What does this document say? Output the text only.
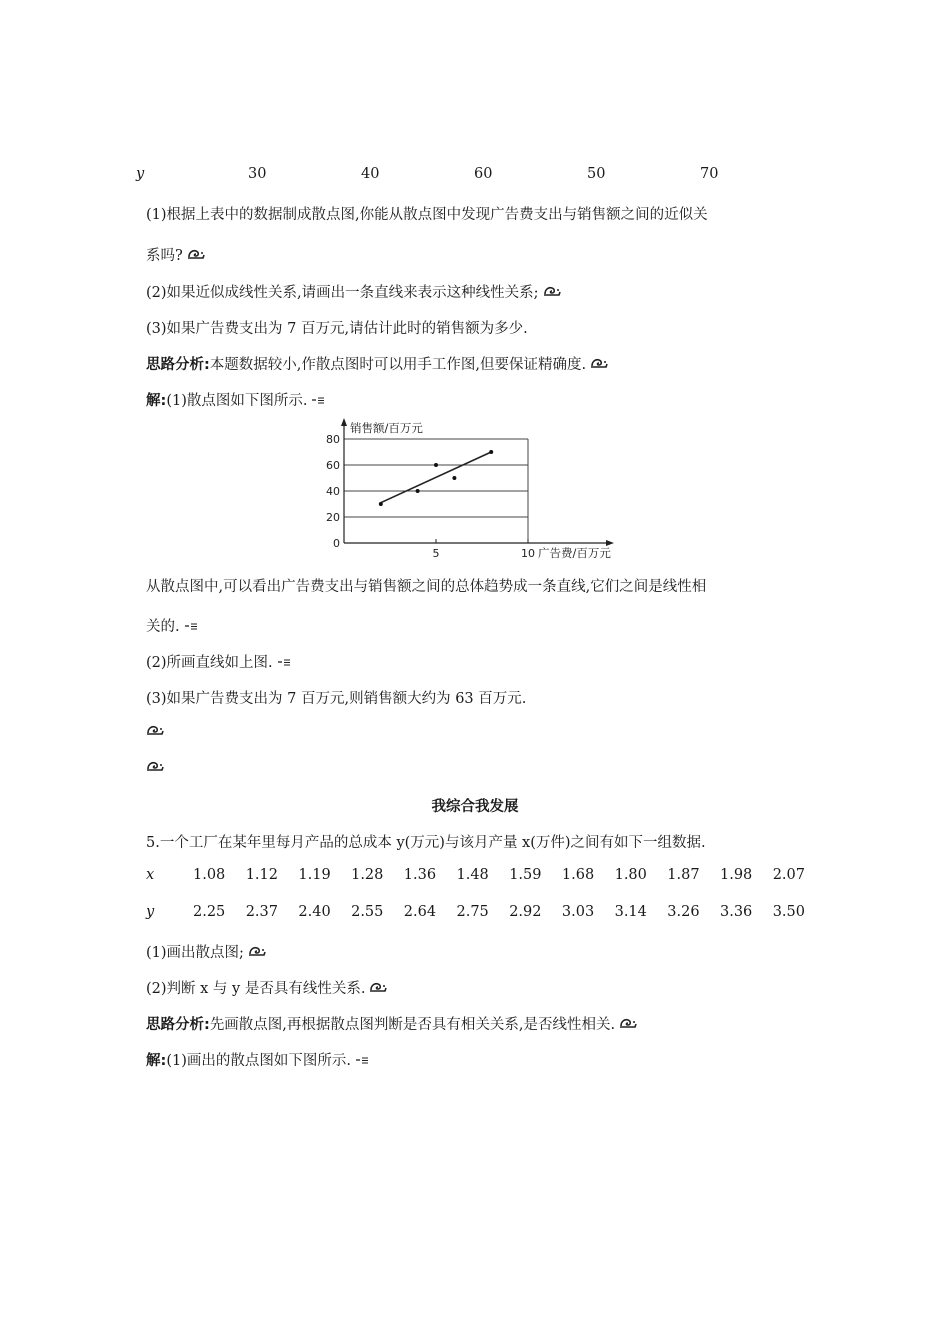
y	30	40	60	50	70
(1)根据上表中的数据制成散点图,你能从散点图中发现广告费支出与销售额之间的近似关
系吗?
(2)如果近似成线性关系,请画出一条直线来表示这种线性关系;
(3)如果广告费支出为 7 百万元,请估计此时的销售额为多少.
思路分析:本题数据较小,作散点图时可以用手工作图,但要保证精确度.
解:(1)散点图如下图所示.
0
20
40
60
80
5	10
销售额/百万元
广告费/百万元
从散点图中,可以看出广告费支出与销售额之间的总体趋势成一条直线,它们之间是线性相
关的.
(2)所画直线如上图.
(3)如果广告费支出为 7 百万元,则销售额大约为 63 百万元.
我综合我发展
5.一个工厂在某年里每月产品的总成本 y(万元)与该月产量 x(万件)之间有如下一组数据.
x	1.08 1.12 1.19 1.28 1.36 1.48 1.59 1.68 1.80 1.87 1.98 2.07
y	2.25 2.37 2.40 2.55 2.64 2.75 2.92 3.03 3.14 3.26 3.36 3.50
(1)画出散点图;
(2)判断 x 与 y 是否具有线性关系.
思路分析:先画散点图,再根据散点图判断是否具有相关关系,是否线性相关.
解:(1)画出的散点图如下图所示.
